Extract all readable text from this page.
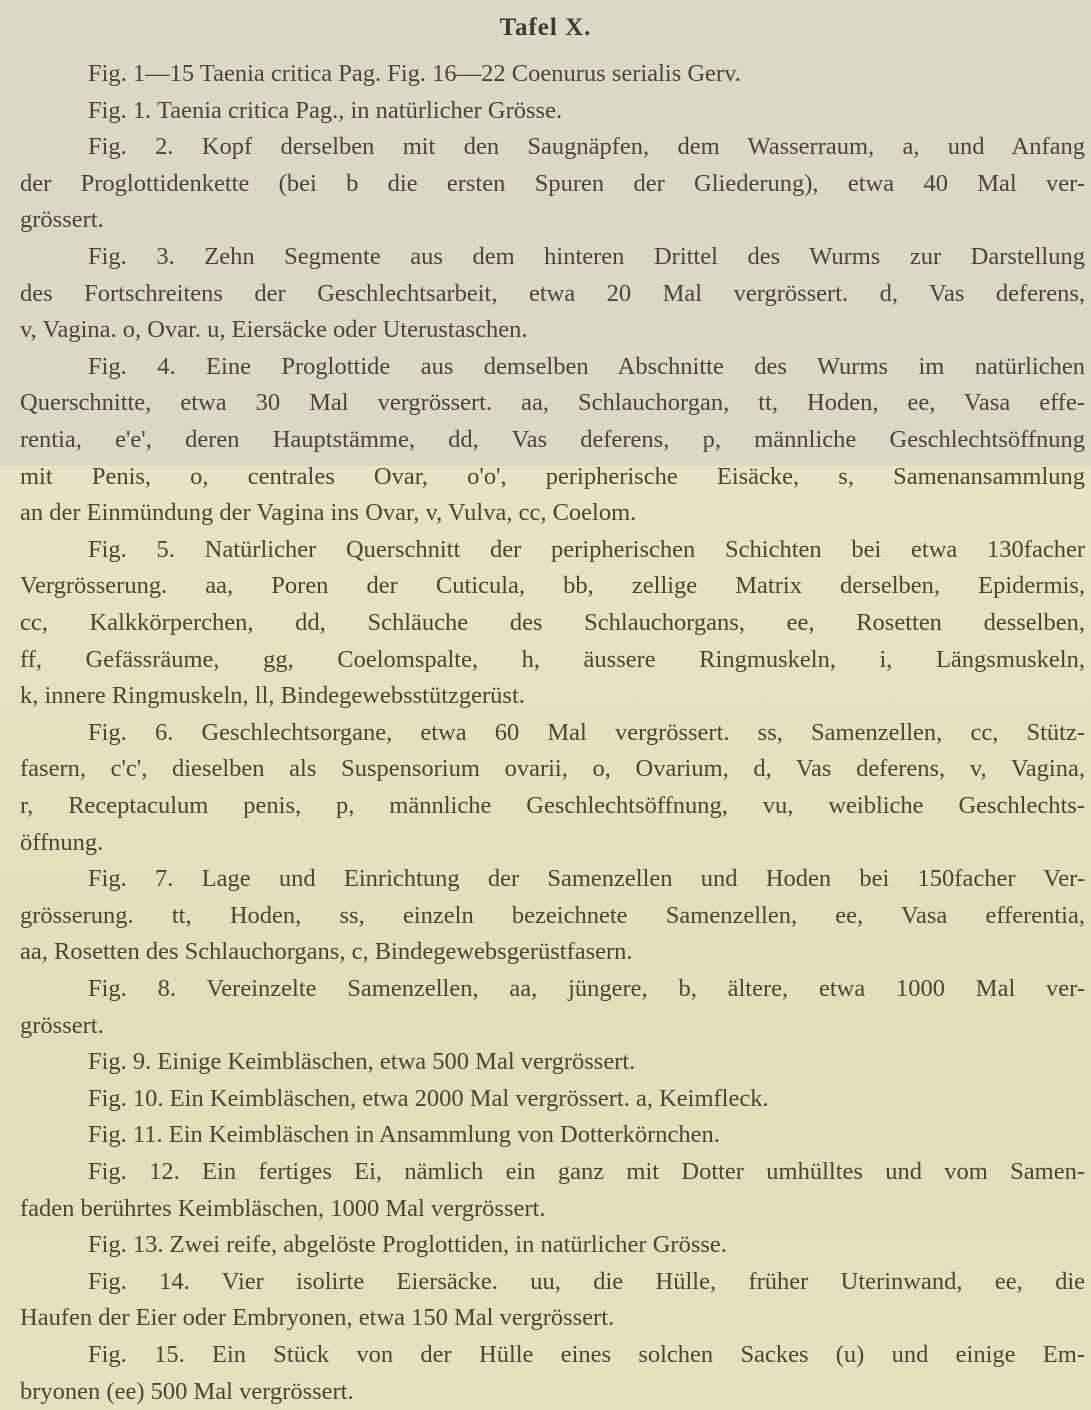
Tafel X.
Fig. 1—15 Taenia critica Pag. Fig. 16—22 Coenurus serialis Gerv.
Fig. 1. Taenia critica Pag., in natürlicher Grösse.
Fig. 2. Kopf derselben mit den Saugnäpfen, dem Wasserraum, a, und Anfang
der Proglottidenkette (bei b die ersten Spuren der Gliederung), etwa 40 Mal ver-
grössert.
Fig. 3. Zehn Segmente aus dem hinteren Drittel des Wurms zur Darstellung
des Fortschreitens der Geschlechtsarbeit, etwa 20 Mal vergrössert. d, Vas deferens,
v, Vagina. o, Ovar. u, Eiersäcke oder Uterustaschen.
Fig. 4. Eine Proglottide aus demselben Abschnitte des Wurms im natürlichen
Querschnitte, etwa 30 Mal vergrössert. aa, Schlauchorgan, tt, Hoden, ee, Vasa effe-
rentia, e'e', deren Hauptstämme, dd, Vas deferens, p, männliche Geschlechtsöffnung
mit Penis, o, centrales Ovar, o'o', peripherische Eisäcke, s, Samenansammlung
an der Einmündung der Vagina ins Ovar, v, Vulva, cc, Coelom.
Fig. 5. Natürlicher Querschnitt der peripherischen Schichten bei etwa 130facher
Vergrösserung. aa, Poren der Cuticula, bb, zellige Matrix derselben, Epidermis,
cc, Kalkkörperchen, dd, Schläuche des Schlauchorgans, ee, Rosetten desselben,
ff, Gefässräume, gg, Coelomspalte, h, äussere Ringmuskeln, i, Längsmuskeln,
k, innere Ringmuskeln, ll, Bindegewebsstützgerüst.
Fig. 6. Geschlechtsorgane, etwa 60 Mal vergrössert. ss, Samenzellen, cc, Stütz-
fasern, c'c', dieselben als Suspensorium ovarii, o, Ovarium, d, Vas deferens, v, Vagina,
r, Receptaculum penis, p, männliche Geschlechtsöffnung, vu, weibliche Geschlechts-
öffnung.
Fig. 7. Lage und Einrichtung der Samenzellen und Hoden bei 150facher Ver-
grösserung. tt, Hoden, ss, einzeln bezeichnete Samenzellen, ee, Vasa efferentia,
aa, Rosetten des Schlauchorgans, c, Bindegewebsgerüstfasern.
Fig. 8. Vereinzelte Samenzellen, aa, jüngere, b, ältere, etwa 1000 Mal ver-
grössert.
Fig. 9. Einige Keimbläschen, etwa 500 Mal vergrössert.
Fig. 10. Ein Keimbläschen, etwa 2000 Mal vergrössert. a, Keimfleck.
Fig. 11. Ein Keimbläschen in Ansammlung von Dotterkörnchen.
Fig. 12. Ein fertiges Ei, nämlich ein ganz mit Dotter umhülltes und vom Samen-
faden berührtes Keimbläschen, 1000 Mal vergrössert.
Fig. 13. Zwei reife, abgelöste Proglottiden, in natürlicher Grösse.
Fig. 14. Vier isolirte Eiersäcke. uu, die Hülle, früher Uterinwand, ee, die
Haufen der Eier oder Embryonen, etwa 150 Mal vergrössert.
Fig. 15. Ein Stück von der Hülle eines solchen Sackes (u) und einige Em-
bryonen (ee) 500 Mal vergrössert.
